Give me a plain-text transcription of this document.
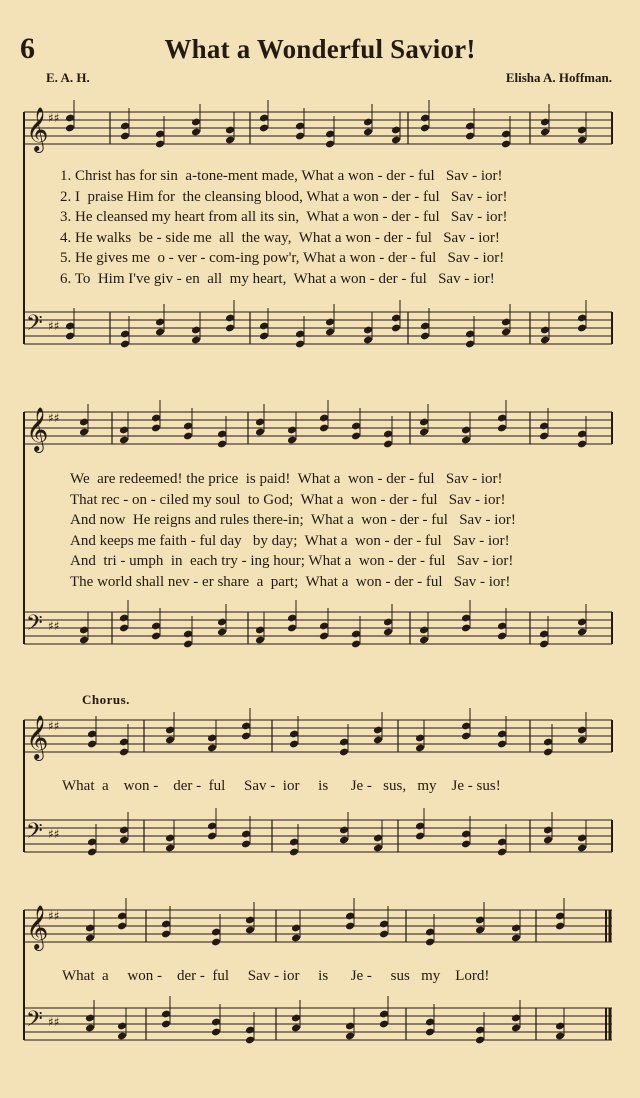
6	What a Wonderful Savior!
E. A. H.	Elisha A. Hoffman.
𝄞 ♯♯
𝄢 ♯♯
𝄞 ♯♯
𝄢 ♯♯
𝄞 ♯♯
𝄢 ♯♯
𝄞 ♯♯
𝄢 ♯♯
1. Christ has for sin  a-tone-ment made, What a won - der - ful   Sav - ior!
2. I  praise Him for  the cleansing blood, What a won - der - ful   Sav - ior!
3. He cleansed my heart from all its sin,  What a won - der - ful   Sav - ior!
4. He walks  be - side me  all  the way,  What a won - der - ful   Sav - ior!
5. He gives me  o - ver - com-ing pow'r, What a won - der - ful   Sav - ior!
6. To  Him I've giv - en  all  my heart,  What a won - der - ful   Sav - ior!
We  are redeemed! the price  is paid!  What a  won - der - ful   Sav - ior!
That rec - on - ciled my soul  to God;  What a  won - der - ful   Sav - ior!
And now  He reigns and rules there-in;  What a  won - der - ful   Sav - ior!
And keeps me faith - ful day   by day;  What a  won - der - ful   Sav - ior!
And  tri - umph  in  each try - ing hour; What a  won - der - ful   Sav - ior!
The world shall nev - er share  a  part;  What a  won - der - ful   Sav - ior!
Chorus.
What  a    won -    der -  ful     Sav -  ior     is      Je -   sus,   my    Je - sus!
What  a     won -    der -  ful     Sav - ior     is      Je -     sus   my    Lord!
